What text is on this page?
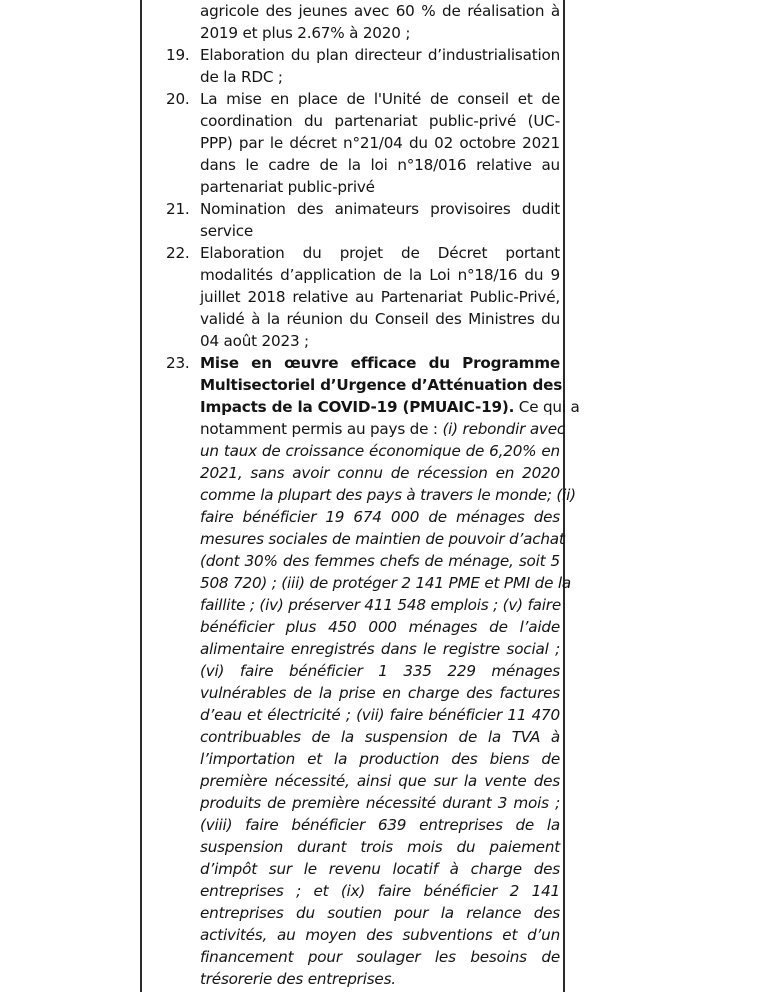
agricole des jeunes avec 60 % de réalisation à
2019 et plus 2.67% à 2020 ;
19. Elaboration du plan directeur d’industrialisation
de la RDC ;
20. La mise en place de l'Unité de conseil et de
coordination du partenariat public-privé (UC-
PPP) par le décret n°21/04 du 02 octobre 2021
dans le cadre de la loi n°18/016 relative au
partenariat public-privé
21. Nomination des animateurs provisoires dudit
service
22. Elaboration du projet de Décret portant
modalités d’application de la Loi n°18/16 du 9
juillet 2018 relative au Partenariat Public-Privé,
validé à la réunion du Conseil des Ministres du
04 août 2023 ;
23. Mise en œuvre efficace du Programme
Multisectoriel d’Urgence d’Atténuation des
Impacts de la COVID-19 (PMUAIC-19). Ce qui a
notamment permis au pays de : (i) rebondir avec
un taux de croissance économique de 6,20% en
2021, sans avoir connu de récession en 2020
comme la plupart des pays à travers le monde; (ii)
faire bénéficier 19 674 000 de ménages des
mesures sociales de maintien de pouvoir d’achat
(dont 30% des femmes chefs de ménage, soit 5
508 720) ; (iii) de protéger 2 141 PME et PMI de la
faillite ; (iv) préserver 411 548 emplois ; (v) faire
bénéficier plus 450 000 ménages de l’aide
alimentaire enregistrés dans le registre social ;
(vi) faire bénéficier 1 335 229 ménages
vulnérables de la prise en charge des factures
d’eau et électricité ; (vii) faire bénéficier 11 470
contribuables de la suspension de la TVA à
l’importation et la production des biens de
première nécessité, ainsi que sur la vente des
produits de première nécessité durant 3 mois ;
(viii) faire bénéficier 639 entreprises de la
suspension durant trois mois du paiement
d’impôt sur le revenu locatif à charge des
entreprises ; et (ix) faire bénéficier 2 141
entreprises du soutien pour la relance des
activités, au moyen des subventions et d’un
financement pour soulager les besoins de
trésorerie des entreprises.
